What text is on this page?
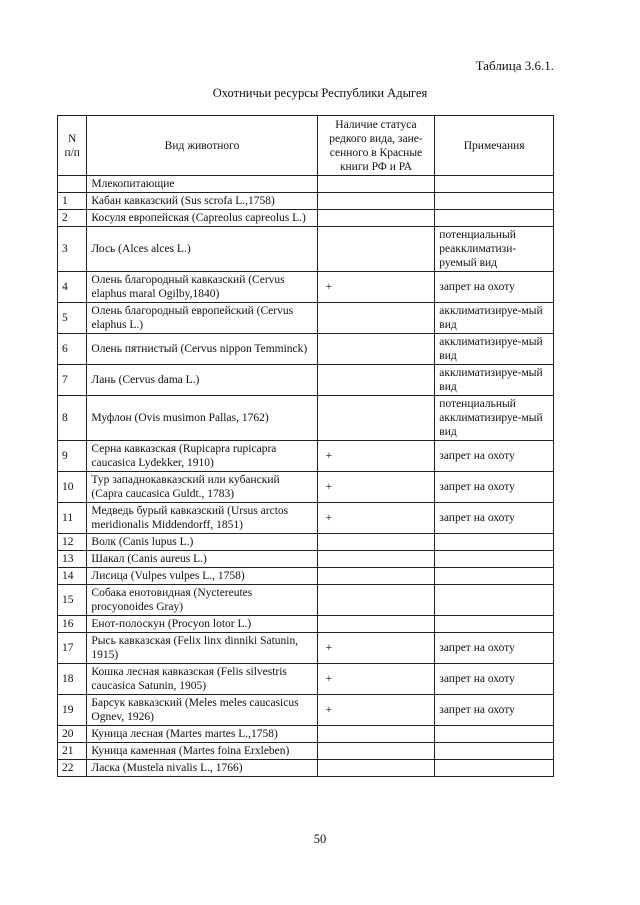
Таблица 3.6.1.
Охотничьи ресурсы Республики Адыгея
N
п/п	Вид животного	Наличие статуса редкого вида, зане-сенного в Красные книги РФ и РА	Примечания
	Млекопитающие		
1	Кабан кавказский (Sus scrofa L.,1758)		
2	Косуля европейская (Capreolus capreolus L.)		
3	Лось (Alces alces L.)		потенциальный реакклиматизи-руемый вид
4	Олень благородный кавказский (Cervus elaphus maral Ogilby,1840)	+	запрет на охоту
5	Олень благородный европейский (Cervus elaphus L.)		акклиматизируе-мый вид
6	Олень пятнистый (Cervus nippon Temminck)		акклиматизируе-мый вид
7	Лань (Cervus dama L.)		акклиматизируе-мый вид
8	Муфлон (Ovis musimon Pallas, 1762)		потенциальный акклиматизируе-мый вид
9	Серна кавказская (Rupicapra rupicapra caucasica Lydekker, 1910)	+	запрет на охоту
10	Тур западнокавказский или кубанский (Capra caucasica Guldt., 1783)	+	запрет на охоту
11	Медведь бурый кавказский (Ursus arctos meridionalis Middendorff, 1851)	+	запрет на охоту
12	Волк (Canis lupus L.)		
13	Шакал (Canis aureus L.)		
14	Лисица (Vulpes vulpes L., 1758)		
15	Собака енотовидная (Nyctereutes procyonoides Gray)		
16	Енот-полоскун (Procyon lotor L.)		
17	Рысь кавказская (Felix linx dinniki Satunin, 1915)	+	запрет на охоту
18	Кошка лесная кавказская (Felis silvestris caucasica Satunin, 1905)	+	запрет на охоту
19	Барсук кавказский (Meles meles caucasicus Ognev, 1926)	+	запрет на охоту
20	Куница лесная (Martes martes L.,1758)		
21	Куница каменная (Martes foina Erxleben)		
22	Ласка (Mustela nivalis L., 1766)		
50
